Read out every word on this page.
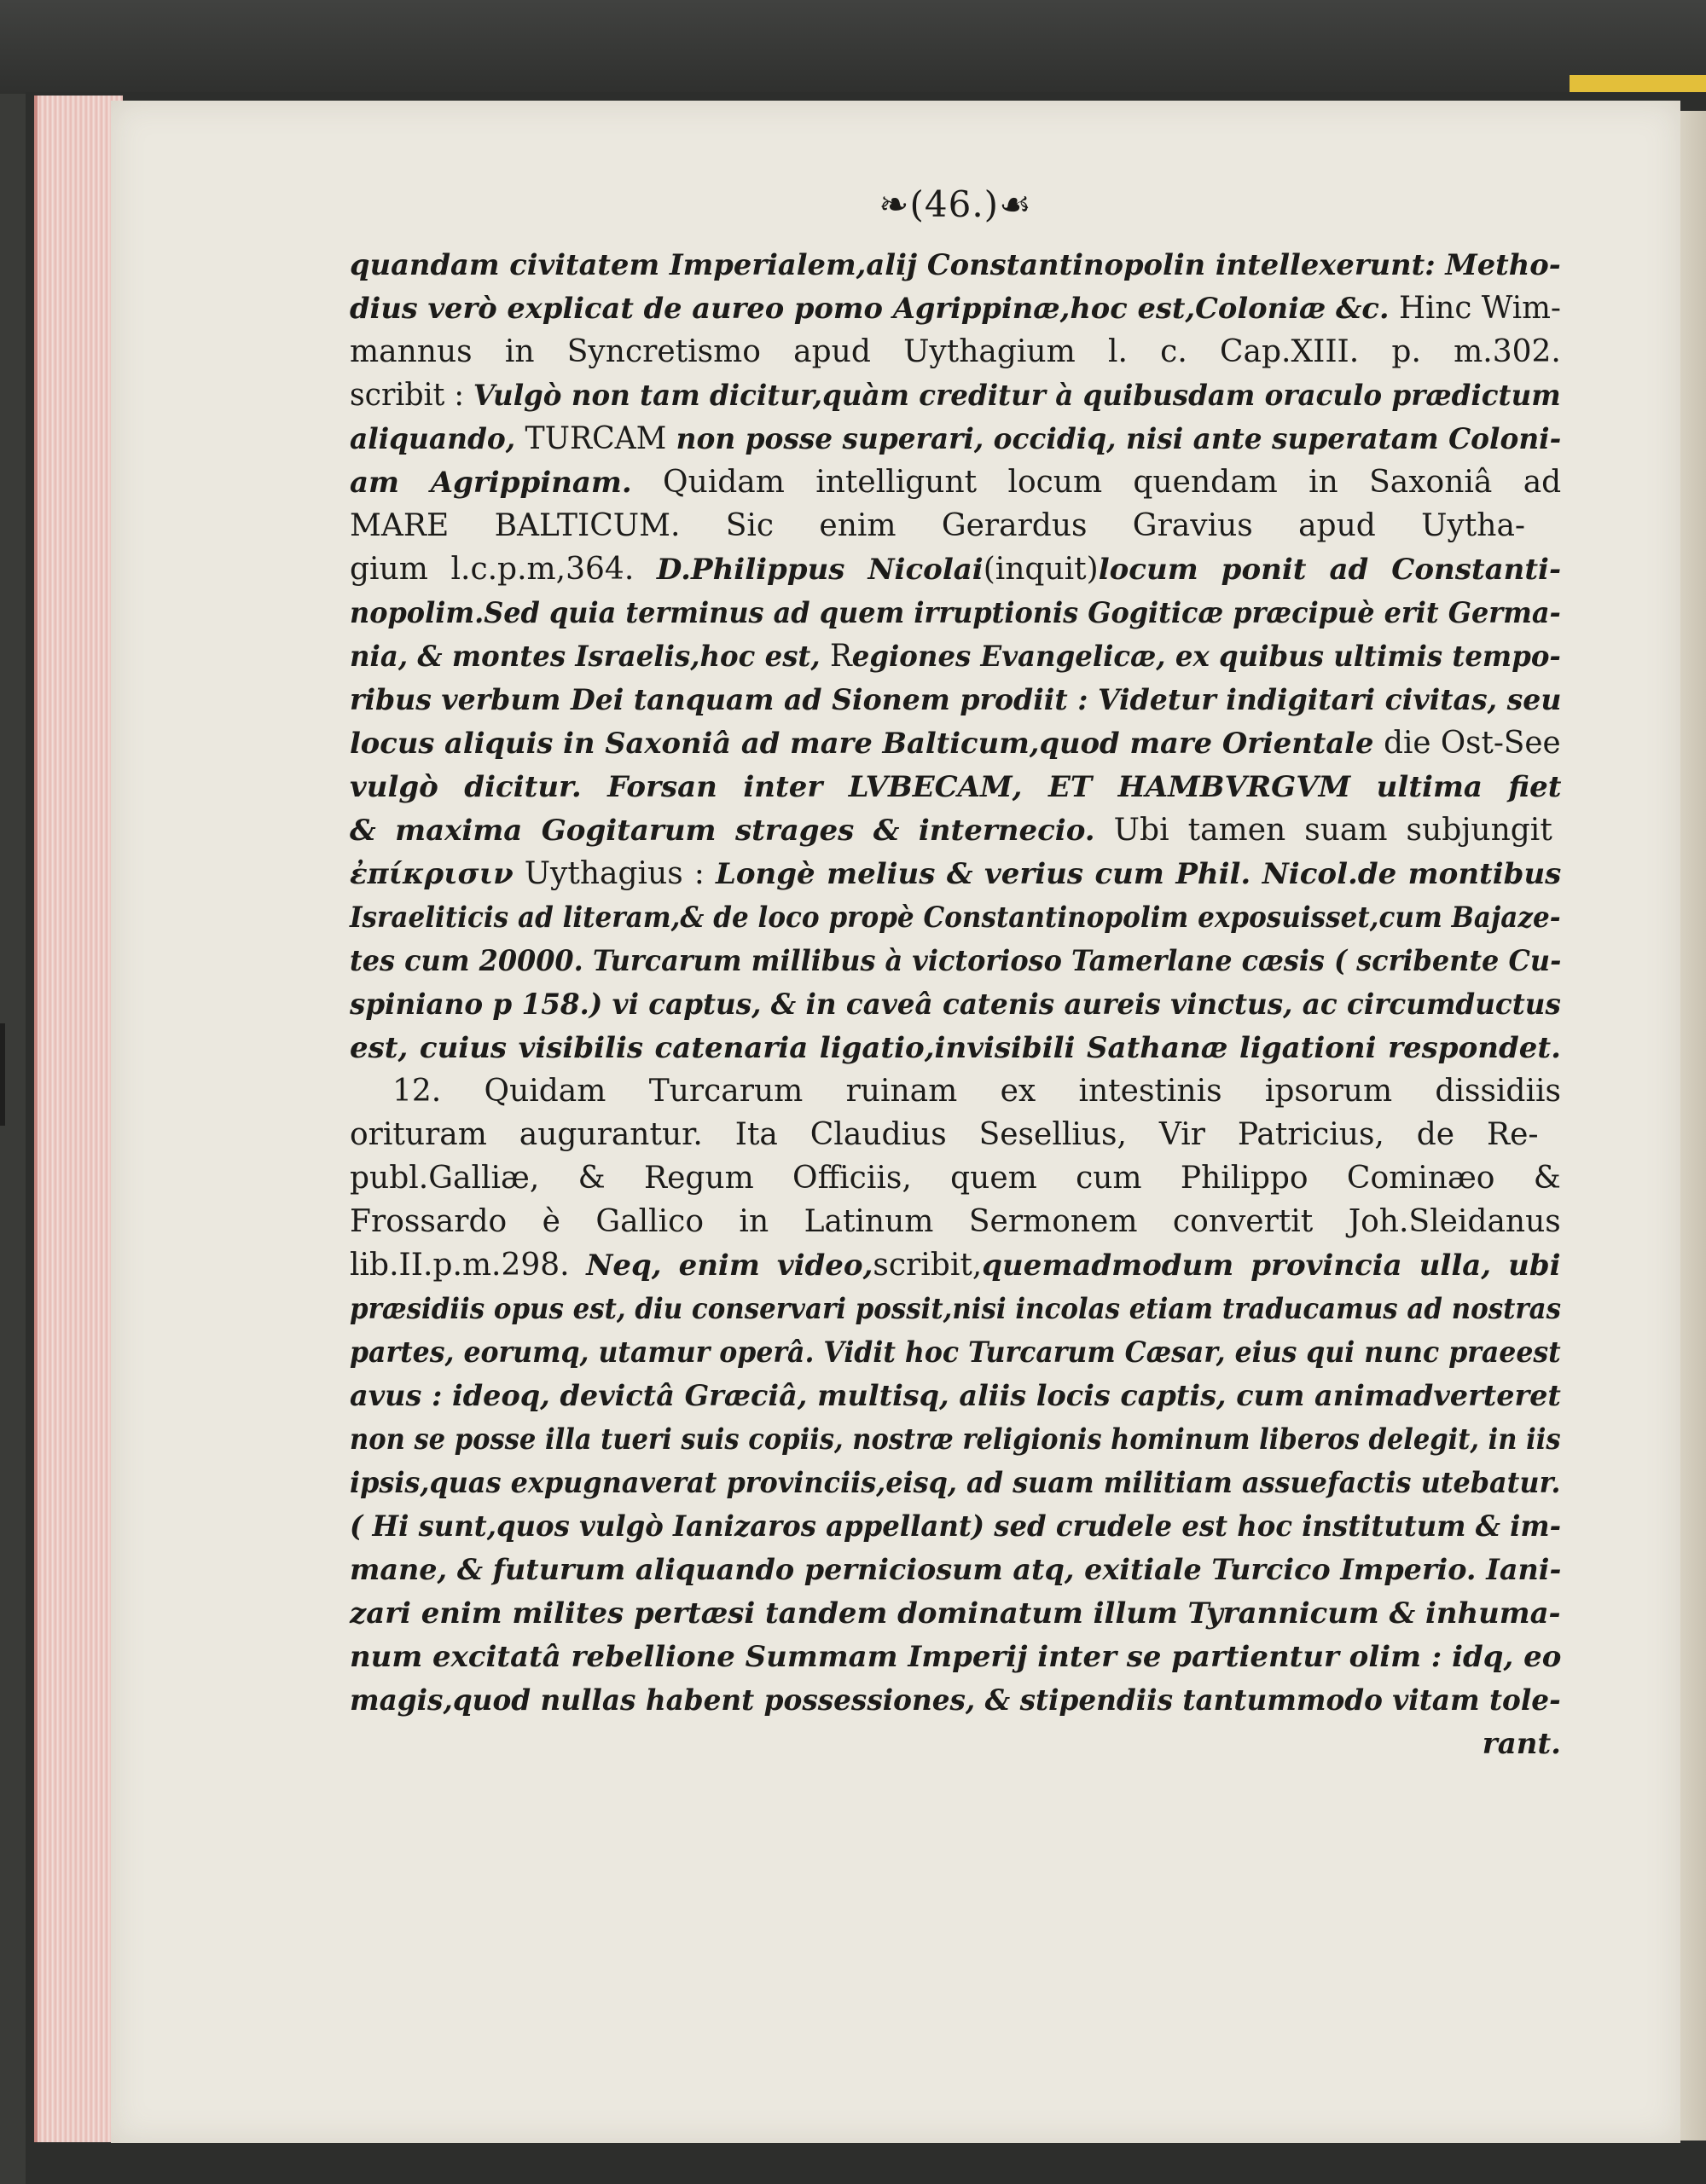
❧(46.)☙
quandam civitatem Imperialem,alij Constantinopolin intellexerunt: Metho-
dius verò explicat de aureo pomo Agrippinæ,hoc est,Coloniæ &c. Hinc Wim-
mannus in Syncretismo apud Uythagium l. c. Cap.XIII. p. m.302.
scribit : Vulgò non tam dicitur,quàm creditur à quibusdam oraculo prædictum
aliquando, TURCAM non posse superari, occidiq, nisi ante superatam Coloni-
am Agrippinam. Quidam intelligunt locum quendam in Saxoniâ ad
MARE BALTICUM. Sic enim Gerardus Gravius apud Uytha-
gium l.c.p.m,364. D.Philippus Nicolai(inquit)locum ponit ad Constanti-
nopolim.Sed quia terminus ad quem irruptionis Gogiticæ præcipuè erit Germa-
nia, & montes Israelis,hoc est, Regiones Evangelicæ, ex quibus ultimis tempo-
ribus verbum Dei tanquam ad Sionem prodiit : Videtur indigitari civitas, seu
locus aliquis in Saxoniâ ad mare Balticum,quod mare Orientale die Ost-See
vulgò dicitur. Forsan inter LVBECAM, ET HAMBVRGVM ultima fiet
& maxima Gogitarum strages & internecio. Ubi tamen suam subjungit
ἐπίκρισιν Uythagius : Longè melius & verius cum Phil. Nicol.de montibus
Israeliticis ad literam,& de loco propè Constantinopolim exposuisset,cum Bajaze-
tes cum 20000. Turcarum millibus à victorioso Tamerlane cæsis ( scribente Cu-
spiniano p 158.) vi captus, & in caveâ catenis aureis vinctus, ac circumductus
est, cuius visibilis catenaria ligatio,invisibili Sathanæ ligationi respondet.
12. Quidam Turcarum ruinam ex intestinis ipsorum dissidiis
orituram augurantur. Ita Claudius Sesellius, Vir Patricius, de Re-
publ.Galliæ, & Regum Officiis, quem cum Philippo Cominæo &
Frossardo è Gallico in Latinum Sermonem convertit Joh.Sleidanus
lib.II.p.m.298. Neq, enim video,scribit,quemadmodum provincia ulla, ubi
præsidiis opus est, diu conservari possit,nisi incolas etiam traducamus ad nostras
partes, eorumq, utamur operâ. Vidit hoc Turcarum Cæsar, eius qui nunc praeest
avus : ideoq, devictâ Græciâ, multisq, aliis locis captis, cum animadverteret
non se posse illa tueri suis copiis, nostræ religionis hominum liberos delegit, in iis
ipsis,quas expugnaverat provinciis,eisq, ad suam militiam assuefactis utebatur.
( Hi sunt,quos vulgò Ianizaros appellant) sed crudele est hoc institutum & im-
mane, & futurum aliquando perniciosum atq, exitiale Turcico Imperio. Iani-
zari enim milites pertæsi tandem dominatum illum Tyrannicum & inhuma-
num excitatâ rebellione Summam Imperij inter se partientur olim : idq, eo
magis,quod nullas habent possessiones, & stipendiis tantummodo vitam tole-
rant.
